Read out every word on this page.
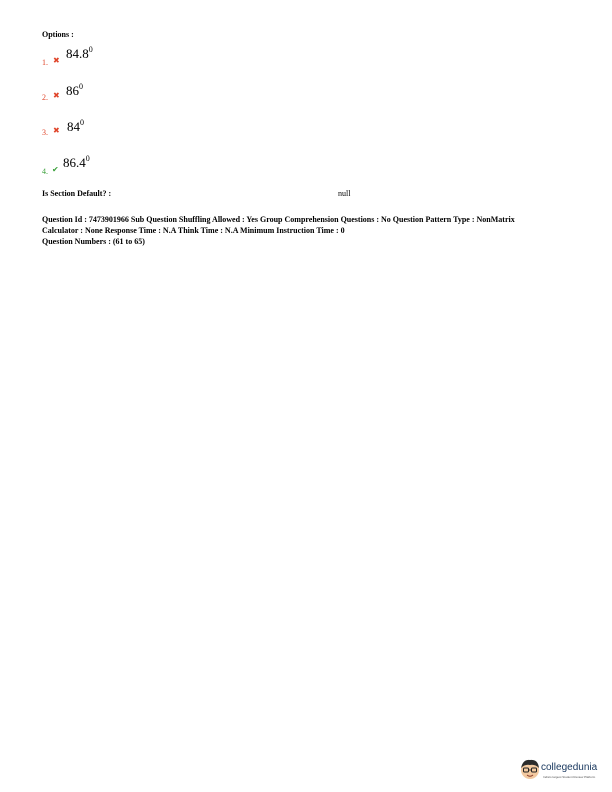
Options :
1. ✖ 84.8$^0$
2. ✖ $86^0$
3. ✖ $84^0$
4. ✔ 86.4$^0$
Is Section Default? :	null
Question Id : 7473901966 Sub Question Shuffling Allowed : Yes Group Comprehension Questions : No Question Pattern Type : NonMatrix
Calculator : None Response Time : N.A Think Time : N.A Minimum Instruction Time : 0
Question Numbers : (61 to 65)
collegedunia
India's largest Student Review Platform
